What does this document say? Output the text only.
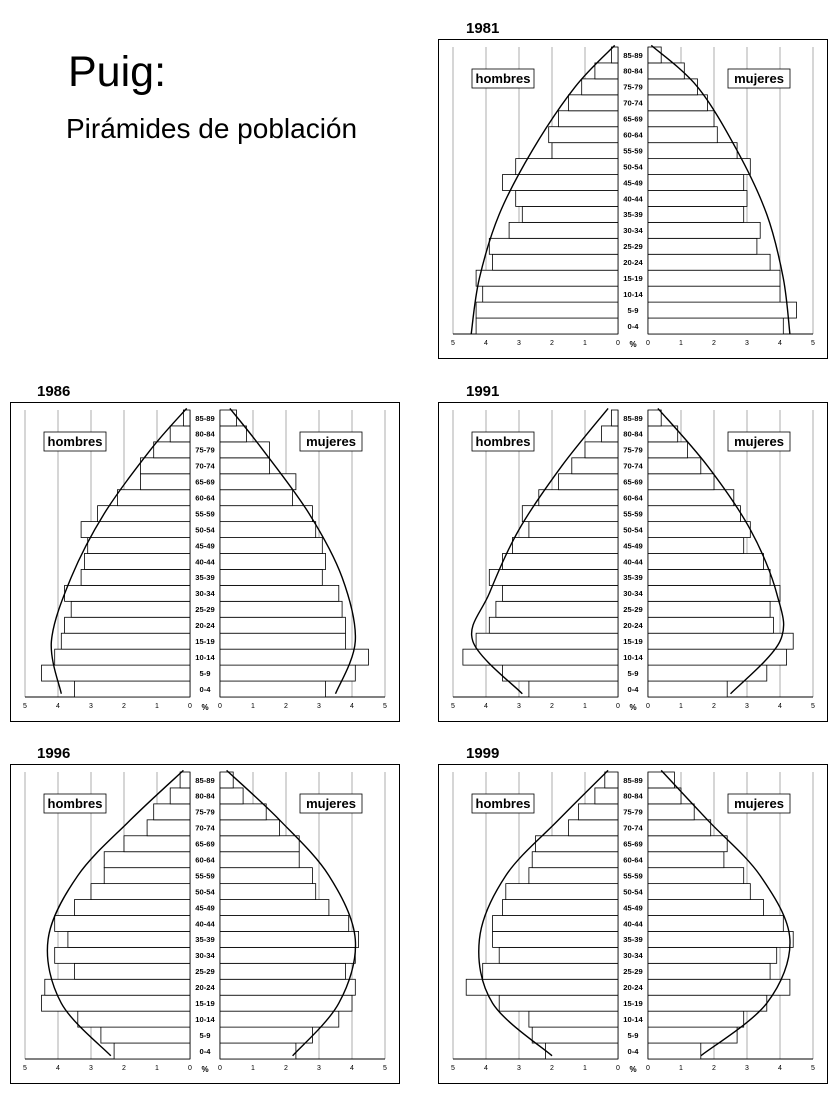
Puig:
Pirámides de población
1981
1986	1991
1996	1999
0-4
5-9
10-14
15-19
20-24
25-29
30-34
35-39
40-44
45-49
50-54
55-59
60-64
65-69
70-74
75-79
80-84
85-89
5	4	3	2	1	0	0	1	2	3	4	5
%
hombres	mujeres
0-4
5-9
10-14
15-19
20-24
25-29
30-34
35-39
40-44
45-49
50-54
55-59
60-64
65-69
70-74
75-79
80-84
85-89
5	4	3	2	1	0	0	1	2	3	4	5
%
hombres	mujeres
0-4
5-9
10-14
15-19
20-24
25-29
30-34
35-39
40-44
45-49
50-54
55-59
60-64
65-69
70-74
75-79
80-84
85-89
5	4	3	2	1	0	0	1	2	3	4	5
%
hombres	mujeres
0-4
5-9
10-14
15-19
20-24
25-29
30-34
35-39
40-44
45-49
50-54
55-59
60-64
65-69
70-74
75-79
80-84
85-89
5	4	3	2	1	0	0	1	2	3	4	5
%
hombres	mujeres
0-4
5-9
10-14
15-19
20-24
25-29
30-34
35-39
40-44
45-49
50-54
55-59
60-64
65-69
70-74
75-79
80-84
85-89
5	4	3	2	1	0	0	1	2	3	4	5
%
hombres	mujeres
